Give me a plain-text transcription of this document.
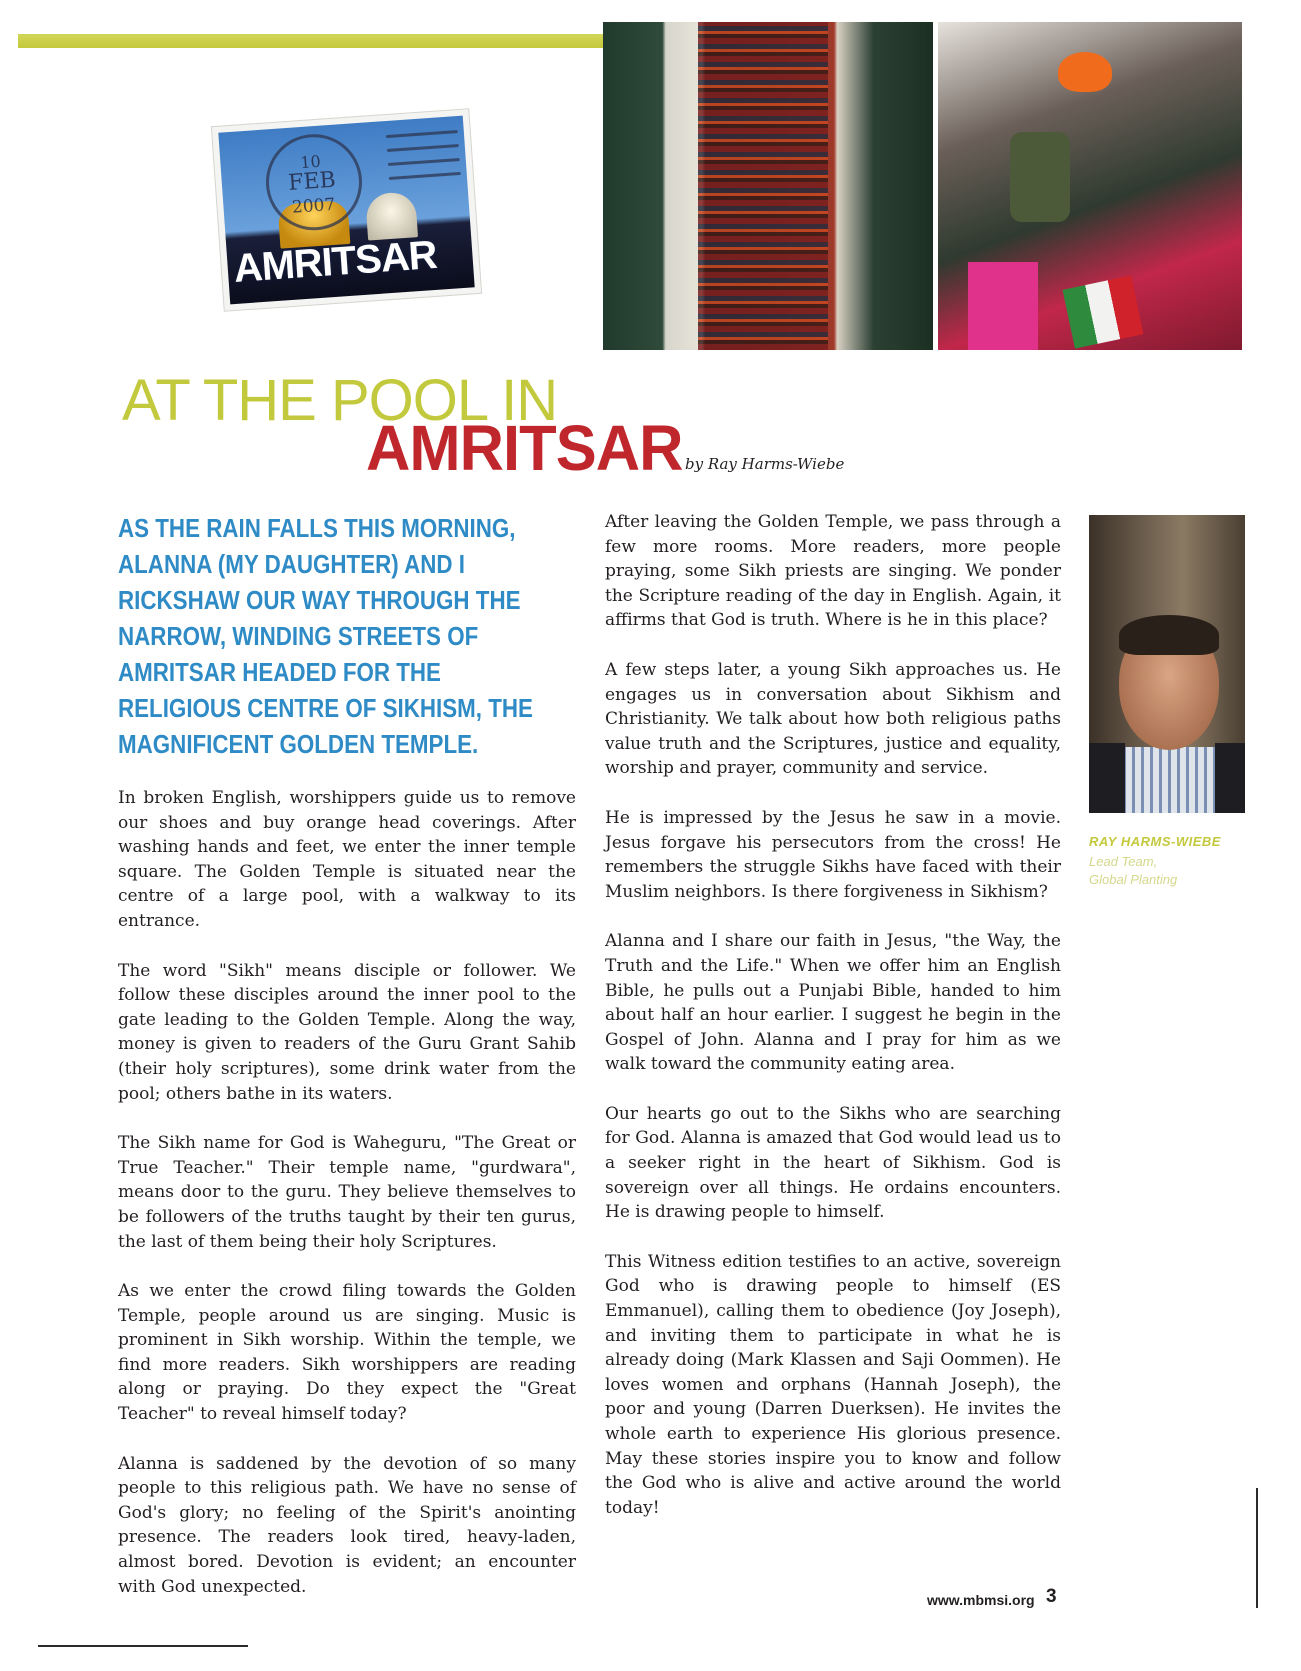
10
FEB
2007
AMRITSAR
AT THE POOL IN
AMRITSAR by Ray Harms-Wiebe
AS THE RAIN FALLS THIS MORNING, ALANNA (MY DAUGHTER) AND I RICKSHAW OUR WAY THROUGH THE NARROW, WINDING STREETS OF AMRITSAR HEADED FOR THE RELIGIOUS CENTRE OF SIKHISM, THE MAGNIFICENT GOLDEN TEMPLE.

In broken English, worshippers guide us to remove our shoes and buy orange head coverings. After washing hands and feet, we enter the inner temple square. The Golden Temple is situated near the centre of a large pool, with a walkway to its entrance.

The word "Sikh" means disciple or follower. We follow these disciples around the inner pool to the gate leading to the Golden Temple. Along the way, money is given to readers of the Guru Grant Sahib (their holy scriptures), some drink water from the pool; others bathe in its waters.

The Sikh name for God is Waheguru, "The Great or True Teacher." Their temple name, "gurdwara", means door to the guru. They believe themselves to be followers of the truths taught by their ten gurus, the last of them being their holy Scriptures.

As we enter the crowd filing towards the Golden Temple, people around us are singing. Music is prominent in Sikh worship. Within the temple, we find more readers. Sikh worshippers are reading along or praying. Do they expect the "Great Teacher" to reveal himself today?

Alanna is saddened by the devotion of so many people to this religious path. We have no sense of God's glory; no feeling of the Spirit's anointing presence. The readers look tired, heavy-laden, almost bored. Devotion is evident; an encounter with God unexpected.

After leaving the Golden Temple, we pass through a few more rooms. More readers, more people praying, some Sikh priests are singing. We ponder the Scripture reading of the day in English. Again, it affirms that God is truth. Where is he in this place?

A few steps later, a young Sikh approaches us. He engages us in conversation about Sikhism and Christianity. We talk about how both religious paths value truth and the Scriptures, justice and equality, worship and prayer, community and service.

He is impressed by the Jesus he saw in a movie. Jesus forgave his persecutors from the cross! He remembers the struggle Sikhs have faced with their Muslim neighbors. Is there forgiveness in Sikhism?

Alanna and I share our faith in Jesus, "the Way, the Truth and the Life." When we offer him an English Bible, he pulls out a Punjabi Bible, handed to him about half an hour earlier. I suggest he begin in the Gospel of John. Alanna and I pray for him as we walk toward the community eating area.

Our hearts go out to the Sikhs who are searching for God. Alanna is amazed that God would lead us to a seeker right in the heart of Sikhism. God is sovereign over all things. He ordains encounters. He is drawing people to himself.

This Witness edition testifies to an active, sovereign God who is drawing people to himself (ES Emmanuel), calling them to obedience (Joy Joseph), and inviting them to participate in what he is already doing (Mark Klassen and Saji Oommen). He loves women and orphans (Hannah Joseph), the poor and young (Darren Duerksen). He invites the whole earth to experience His glorious presence. May these stories inspire you to know and follow the God who is alive and active around the world today!

RAY HARMS-WIEBE
Lead Team,
Global Planting
www.mbmsi.org 3
